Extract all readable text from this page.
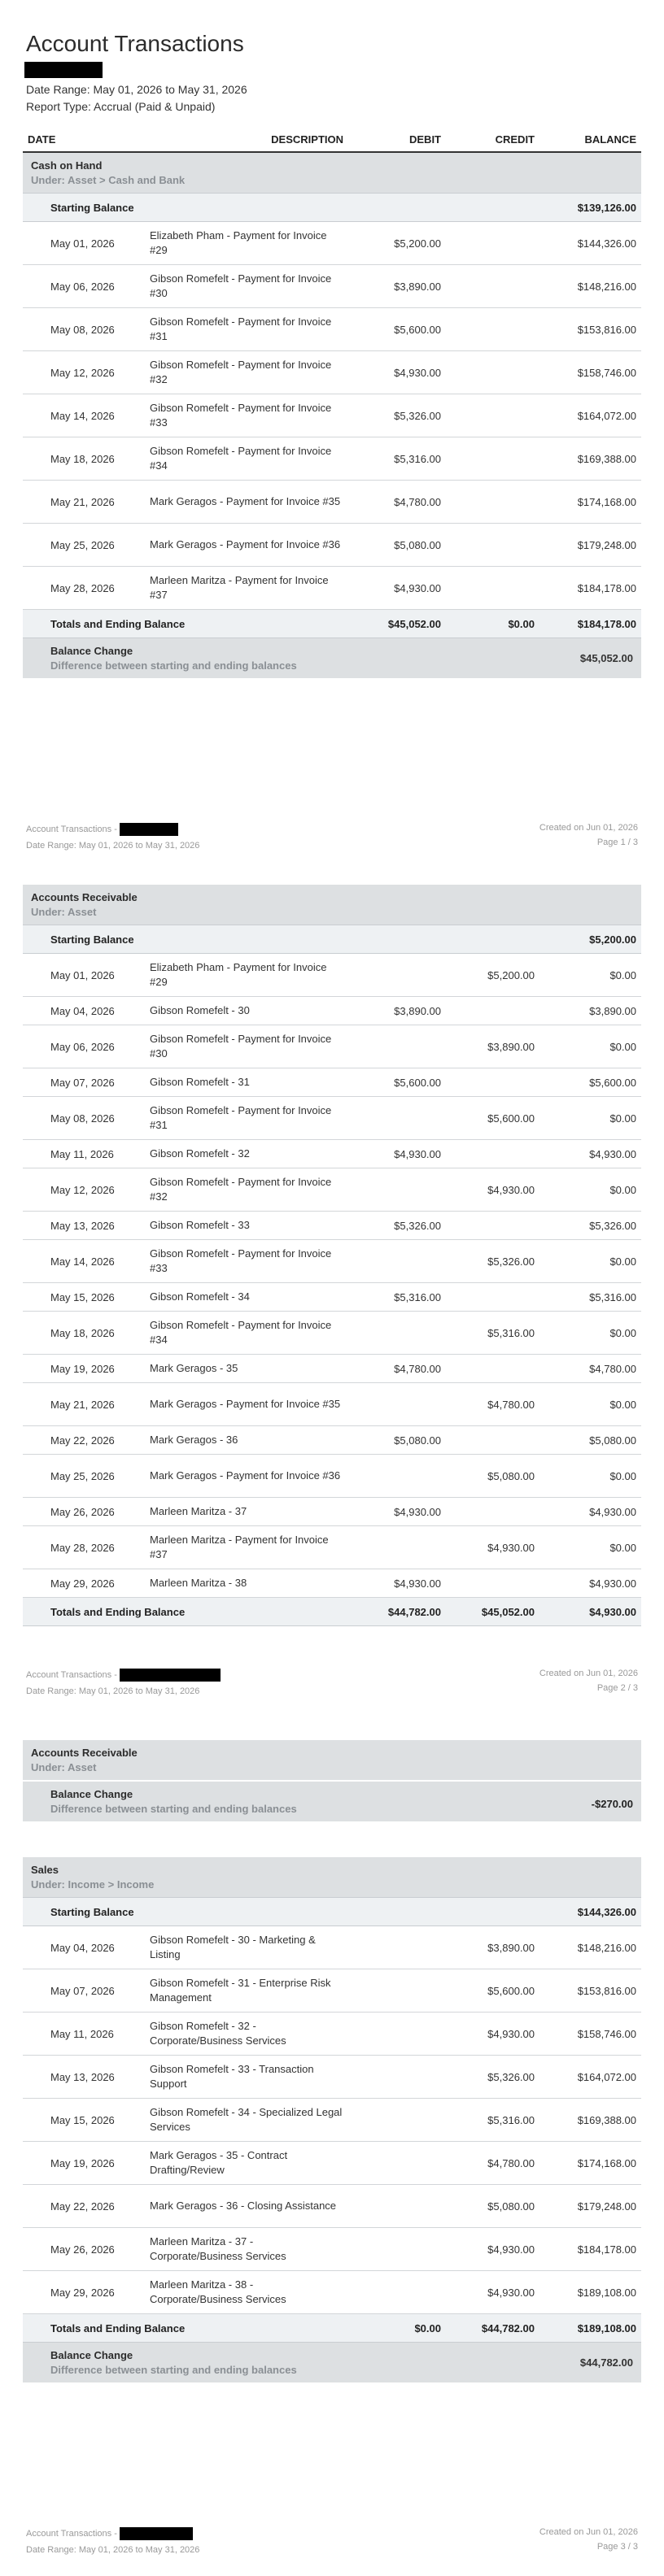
Account Transactions
Date Range: May 01, 2026 to May 31, 2026
Report Type: Accrual (Paid & Unpaid)
DATE	DESCRIPTION	DEBIT	CREDIT	BALANCE

Cash on Hand
Under: Asset > Cash and Bank				

Starting Balance				$139,126.00
May 01, 2026	Elizabeth Pham - Payment for Invoice #29	$5,200.00		$144,326.00
May 06, 2026	Gibson Romefelt - Payment for Invoice #30	$3,890.00		$148,216.00
May 08, 2026	Gibson Romefelt - Payment for Invoice #31	$5,600.00		$153,816.00
May 12, 2026	Gibson Romefelt - Payment for Invoice #32	$4,930.00		$158,746.00
May 14, 2026	Gibson Romefelt - Payment for Invoice #33	$5,326.00		$164,072.00
May 18, 2026	Gibson Romefelt - Payment for Invoice #34	$5,316.00		$169,388.00
May 21, 2026	Mark Geragos - Payment for Invoice #35	$4,780.00		$174,168.00
May 25, 2026	Mark Geragos - Payment for Invoice #36	$5,080.00		$179,248.00
May 28, 2026	Marleen Maritza - Payment for Invoice #37	$4,930.00		$184,178.00
Totals and Ending Balance		$45,052.00	$0.00	$184,178.00

Balance Change
Difference between starting and ending balances				$45,052.00
Account Transactions -
Date Range: May 01, 2026 to May 31, 2026
Created on Jun 01, 2026
Page 1 / 3
Accounts Receivable
Under: Asset				

Starting Balance				$5,200.00
May 01, 2026	Elizabeth Pham - Payment for Invoice #29		$5,200.00	$0.00
May 04, 2026	Gibson Romefelt - 30	$3,890.00		$3,890.00
May 06, 2026	Gibson Romefelt - Payment for Invoice #30		$3,890.00	$0.00
May 07, 2026	Gibson Romefelt - 31	$5,600.00		$5,600.00
May 08, 2026	Gibson Romefelt - Payment for Invoice #31		$5,600.00	$0.00
May 11, 2026	Gibson Romefelt - 32	$4,930.00		$4,930.00
May 12, 2026	Gibson Romefelt - Payment for Invoice #32		$4,930.00	$0.00
May 13, 2026	Gibson Romefelt - 33	$5,326.00		$5,326.00
May 14, 2026	Gibson Romefelt - Payment for Invoice #33		$5,326.00	$0.00
May 15, 2026	Gibson Romefelt - 34	$5,316.00		$5,316.00
May 18, 2026	Gibson Romefelt - Payment for Invoice #34		$5,316.00	$0.00
May 19, 2026	Mark Geragos - 35	$4,780.00		$4,780.00
May 21, 2026	Mark Geragos - Payment for Invoice #35		$4,780.00	$0.00
May 22, 2026	Mark Geragos - 36	$5,080.00		$5,080.00
May 25, 2026	Mark Geragos - Payment for Invoice #36		$5,080.00	$0.00
May 26, 2026	Marleen Maritza - 37	$4,930.00		$4,930.00
May 28, 2026	Marleen Maritza - Payment for Invoice #37		$4,930.00	$0.00
May 29, 2026	Marleen Maritza - 38	$4,930.00		$4,930.00
Totals and Ending Balance		$44,782.00	$45,052.00	$4,930.00
Account Transactions -
Date Range: May 01, 2026 to May 31, 2026
Created on Jun 01, 2026
Page 2 / 3
Accounts Receivable
Under: Asset
Balance Change
Difference between starting and ending balances	-$270.00
Sales
Under: Income > Income				

Starting Balance				$144,326.00
May 04, 2026	Gibson Romefelt - 30 - Marketing & Listing		$3,890.00	$148,216.00
May 07, 2026	Gibson Romefelt - 31 - Enterprise Risk Management		$5,600.00	$153,816.00
May 11, 2026	Gibson Romefelt - 32 - Corporate/Business Services		$4,930.00	$158,746.00
May 13, 2026	Gibson Romefelt - 33 - Transaction Support		$5,326.00	$164,072.00
May 15, 2026	Gibson Romefelt - 34 - Specialized Legal Services		$5,316.00	$169,388.00
May 19, 2026	Mark Geragos - 35 - Contract Drafting/Review		$4,780.00	$174,168.00
May 22, 2026	Mark Geragos - 36 - Closing Assistance		$5,080.00	$179,248.00
May 26, 2026	Marleen Maritza - 37 - Corporate/Business Services		$4,930.00	$184,178.00
May 29, 2026	Marleen Maritza - 38 - Corporate/Business Services		$4,930.00	$189,108.00
Totals and Ending Balance		$0.00	$44,782.00	$189,108.00

Balance Change
Difference between starting and ending balances				$44,782.00
Account Transactions -
Date Range: May 01, 2026 to May 31, 2026
Created on Jun 01, 2026
Page 3 / 3
